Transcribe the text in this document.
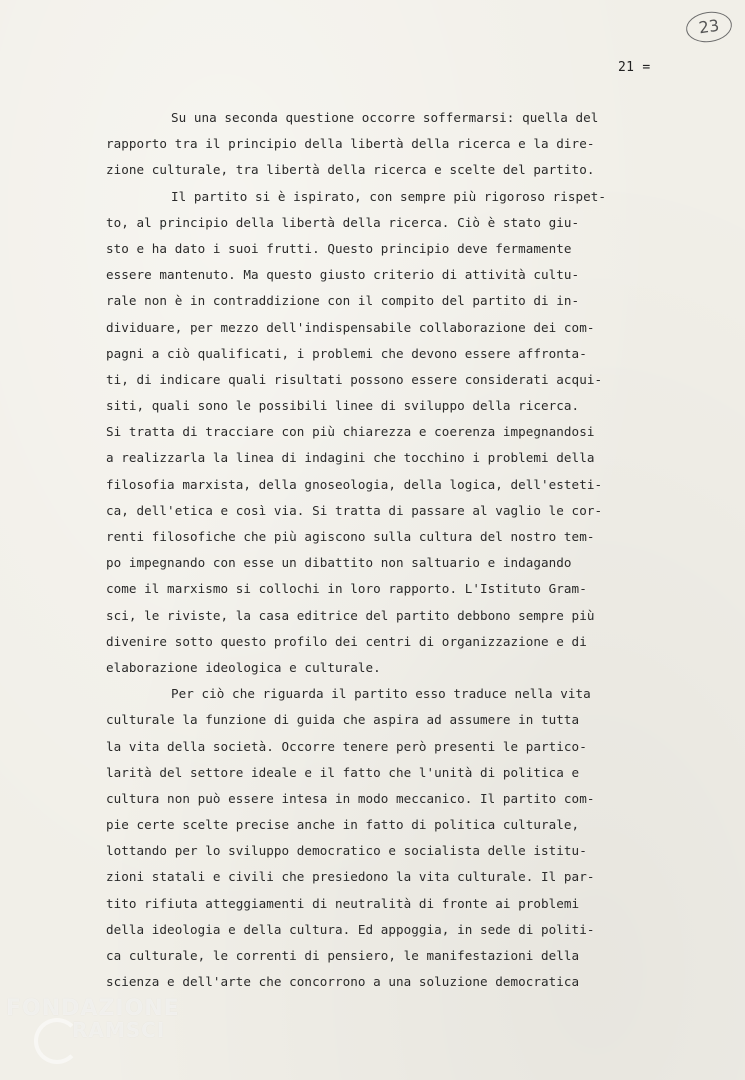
23
21 =
Su una seconda questione occorre soffermarsi: quella del
rapporto tra il principio della libertà della ricerca e la dire-
zione culturale, tra libertà della ricerca e scelte del partito.
Il partito si è ispirato, con sempre più rigoroso rispet-
to, al principio della libertà della ricerca. Ciò è stato giu-
sto e ha dato i suoi frutti. Questo principio deve fermamente
essere mantenuto. Ma questo giusto criterio di attività cultu-
rale non è in contraddizione con il compito del partito di in-
dividuare, per mezzo dell'indispensabile collaborazione dei com-
pagni a ciò qualificati, i problemi che devono essere affronta-
ti, di indicare quali risultati possono essere considerati acqui-
siti, quali sono le possibili linee di sviluppo della ricerca.
Si tratta di tracciare con più chiarezza e coerenza impegnandosi
a realizzarla la linea di indagini che tocchino i problemi della
filosofia marxista, della gnoseologia, della logica, dell'esteti-
ca, dell'etica e così via. Si tratta di passare al vaglio le cor-
renti filosofiche che più agiscono sulla cultura del nostro tem-
po impegnando con esse un dibattito non saltuario e indagando
come il marxismo si collochi in loro rapporto. L'Istituto Gram-
sci, le riviste, la casa editrice del partito debbono sempre più
divenire sotto questo profilo dei centri di organizzazione e di
elaborazione ideologica e culturale.
Per ciò che riguarda il partito esso traduce nella vita
culturale la funzione di guida che aspira ad assumere in tutta
la vita della società. Occorre tenere però presenti le partico-
larità del settore ideale e il fatto che l'unità di politica e
cultura non può essere intesa in modo meccanico. Il partito com-
pie certe scelte precise anche in fatto di politica culturale,
lottando per lo sviluppo democratico e socialista delle istitu-
zioni statali e civili che presiedono la vita culturale. Il par-
tito rifiuta atteggiamenti di neutralità di fronte ai problemi
della ideologia e della cultura. Ed appoggia, in sede di politi-
ca culturale, le correnti di pensiero, le manifestazioni della
scienza e dell'arte che concorrono a una soluzione democratica
FONDAZIONE
RAMSCI
